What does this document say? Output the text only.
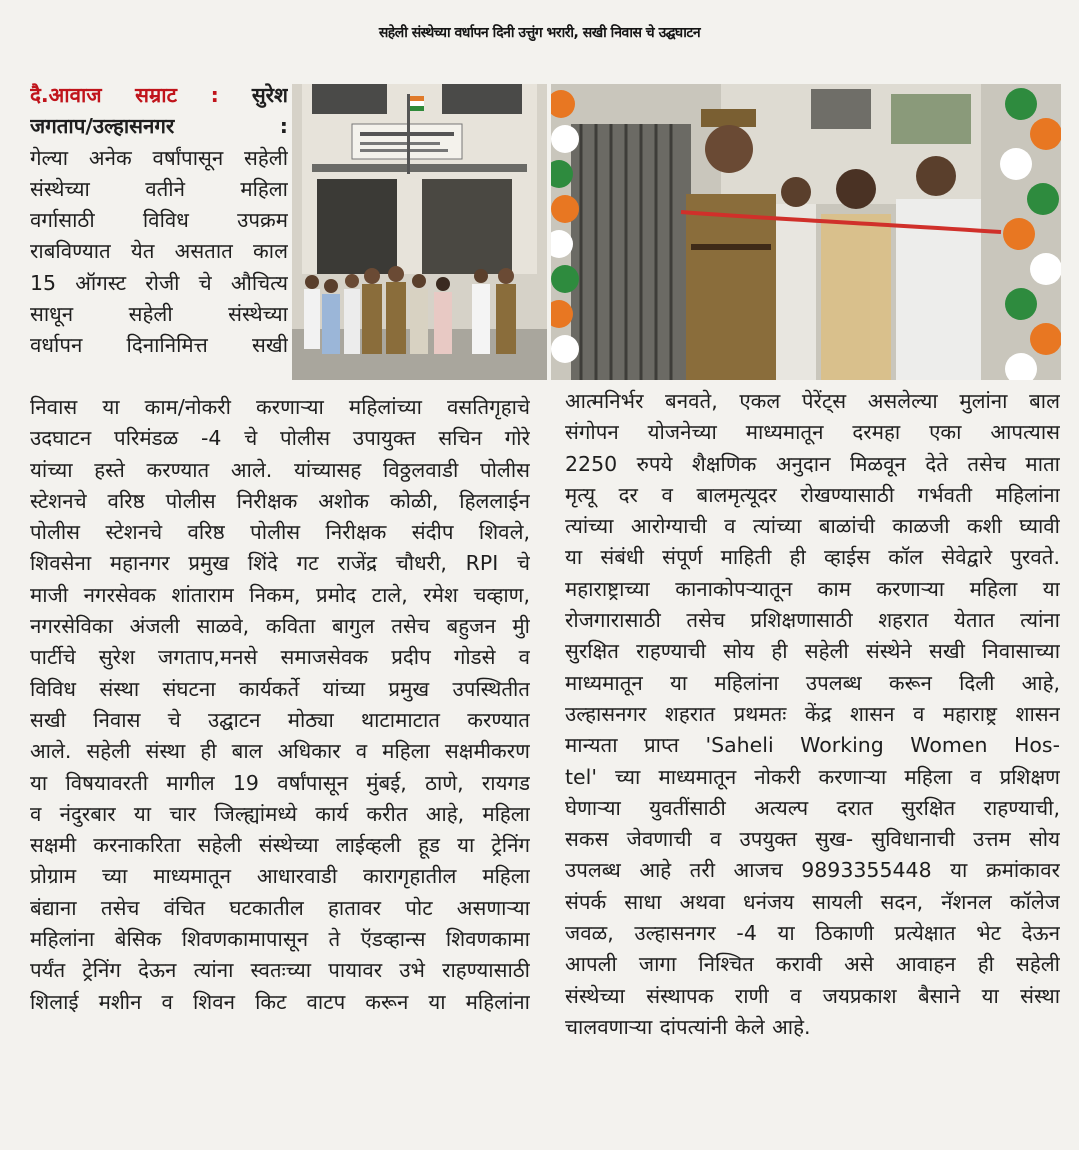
सहेली संस्थेच्या वर्धापन दिनी उत्तुंग भरारी, सखी निवास चे उद्घघाटन
दै.आवाज सम्राट : सुरेश
जगताप/उल्हासनगर :
गेल्या अनेक वर्षांपासून सहेली
संस्थेच्या वतीने महिला
वर्गासाठी विविध उपक्रम
राबविण्यात येत असतात काल
15 ऑगस्ट रोजी चे औचित्य
साधून सहेली संस्थेच्या
वर्धापन दिनानिमित्त सखी
निवास या काम/नोकरी करणाऱ्या महिलांच्या वसतिगृहाचे
उदघाटन परिमंडळ -4 चे पोलीस उपायुक्त सचिन गोरे
यांच्या हस्ते करण्यात आले. यांच्यासह विठ्ठलवाडी पोलीस
स्टेशनचे वरिष्ठ पोलीस निरीक्षक अशोक कोळी, हिललाईन
पोलीस स्टेशनचे वरिष्ठ पोलीस निरीक्षक संदीप शिवले,
शिवसेना महानगर प्रमुख शिंदे गट राजेंद्र चौधरी, RPI चे
माजी नगरसेवक शांताराम निकम, प्रमोद टाले, रमेश चव्हाण,
नगरसेविका अंजली साळवे, कविता बागुल तसेच बहुजन मुी
पार्टीचे सुरेश जगताप,मनसे समाजसेवक प्रदीप गोडसे व
विविध संस्था संघटना कार्यकर्ते यांच्या प्रमुख उपस्थितीत
सखी निवास चे उद्घाटन मोठ्या थाटामाटात करण्यात
आले. सहेली संस्था ही बाल अधिकार व महिला सक्षमीकरण
या विषयावरती मागील 19 वर्षांपासून मुंबई, ठाणे, रायगड
व नंदुरबार या चार जिल्ह्यांमध्ये कार्य करीत आहे, महिला
सक्षमी करनाकरिता सहेली संस्थेच्या लाईव्हली हूड या ट्रेनिंग
प्रोग्राम च्या माध्यमातून आधारवाडी कारागृहातील महिला
बंद्याना तसेच वंचित घटकातील हातावर पोट असणाऱ्या
महिलांना बेसिक शिवणकामापासून ते ऍडव्हान्स शिवणकामा
पर्यंत ट्रेनिंग देऊन त्यांना स्वतःच्या पायावर उभे राहण्यासाठी
शिलाई मशीन व शिवन किट वाटप करून या महिलांना
आत्मनिर्भर बनवते, एकल पेरेंट्स असलेल्या मुलांना बाल
संगोपन योजनेच्या माध्यमातून दरमहा एका आपत्यास
2250 रुपये शैक्षणिक अनुदान मिळवून देते तसेच माता
मृत्यू दर व बालमृत्यूदर रोखण्यासाठी गर्भवती महिलांना
त्यांच्या आरोग्याची व त्यांच्या बाळांची काळजी कशी घ्यावी
या संबंधी संपूर्ण माहिती ही व्हाईस कॉल सेवेद्वारे पुरवते.
महाराष्ट्राच्या कानाकोपऱ्यातून काम करणाऱ्या महिला या
रोजगारासाठी तसेच प्रशिक्षणासाठी शहरात येतात त्यांना
सुरक्षित राहण्याची सोय ही सहेली संस्थेने सखी निवासाच्या
माध्यमातून या महिलांना उपलब्ध करून दिली आहे,
उल्हासनगर शहरात प्रथमतः केंद्र शासन व महाराष्ट्र शासन
मान्यता प्राप्त 'Saheli Working Women Hos-
tel' च्या माध्यमातून नोकरी करणाऱ्या महिला व प्रशिक्षण
घेणाऱ्या युवतींसाठी अत्यल्प दरात सुरक्षित राहण्याची,
सकस जेवणाची व उपयुक्त सुख- सुविधानाची उत्तम सोय
उपलब्ध आहे तरी आजच 9893355448 या क्रमांकावर
संपर्क साधा अथवा धनंजय सायली सदन, नॅशनल कॉलेज
जवळ, उल्हासनगर -4 या ठिकाणी प्रत्येक्षात भेट देऊन
आपली जागा निश्चित करावी असे आवाहन ही सहेली
संस्थेच्या संस्थापक राणी व जयप्रकाश बैसाने या संस्था
चालवणाऱ्या दांपत्यांनी केले आहे.
